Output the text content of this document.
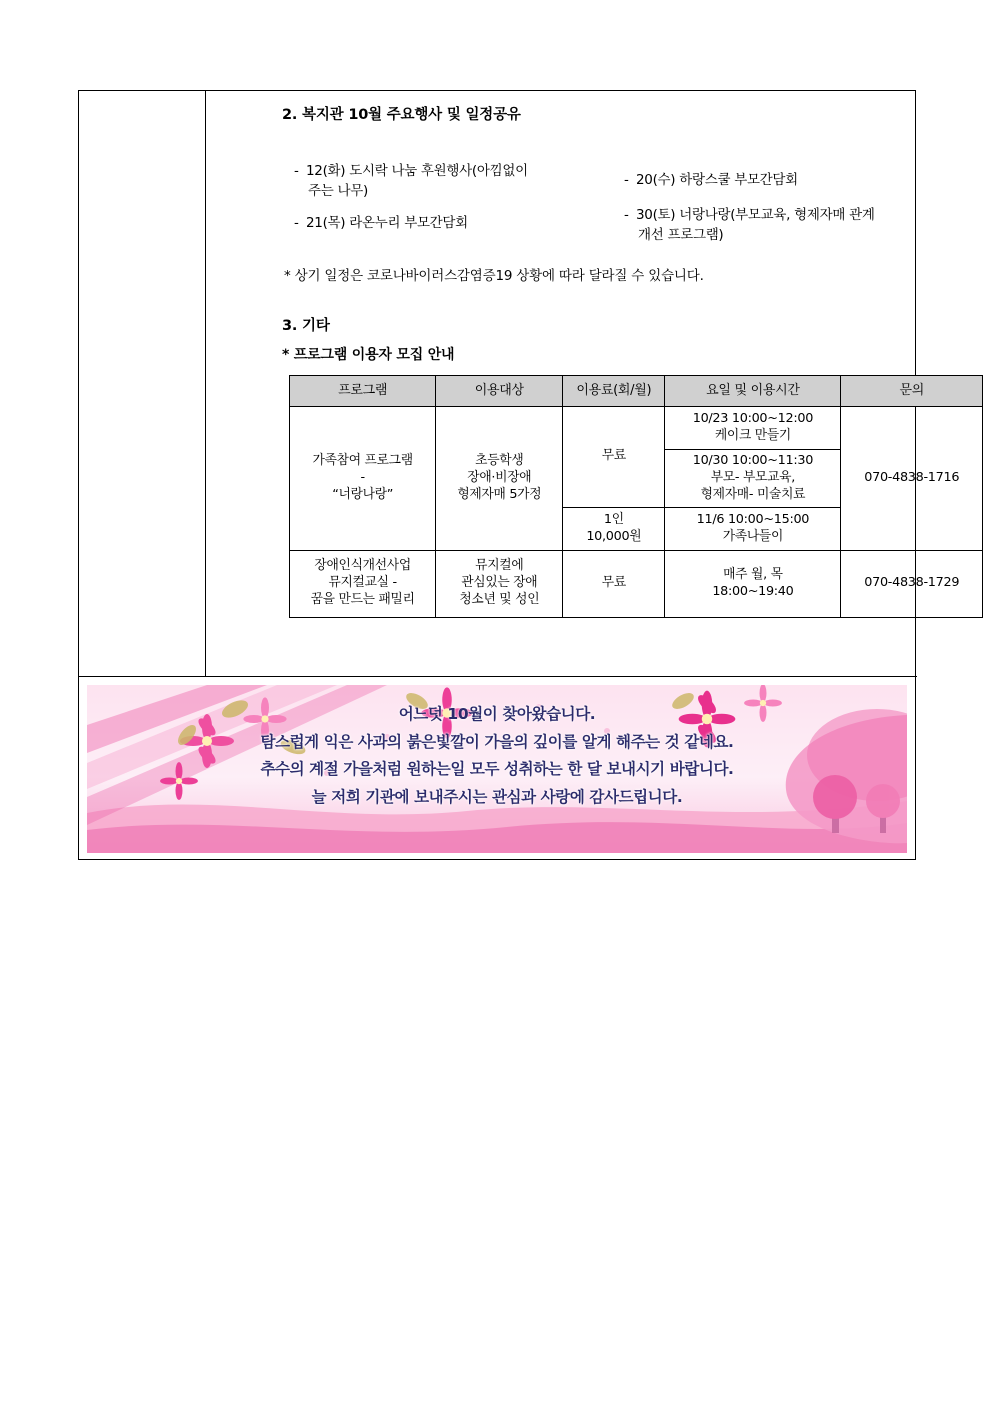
2. 복지관 10월 주요행사 및 일정공유
- 12(화) 도시락 나눔 후원행사(아낌없이
주는 나무)
- 21(목) 라온누리 부모간담회
- 20(수) 하랑스쿨 부모간담회
- 30(토) 너랑나랑(부모교육, 형제자매 관계
개선 프로그램)
* 상기 일정은 코로나바이러스감염증19 상황에 따라 달라질 수 있습니다.
3. 기타
* 프로그램 이용자 모집 안내
프로그램	이용대상	이용료(회/월)	요일 및 이용시간	문의
가족참여 프로그램
-
“너랑나랑”	초등학생
장애·비장애
형제자매 5가정	무료	10/23 10:00~12:00
케이크 만들기	070-4838-1716
			10/30 10:00~11:30
부모- 부모교육,
형제자매- 미술치료	
		1인
10,000원	11/6 10:00~15:00
가족나들이	
장애인식개선사업
뮤지컬교실 -
꿈을 만드는 패밀리	뮤지컬에
관심있는 장애
청소년 및 성인	무료	매주 월, 목
18:00~19:40	070-4838-1729
어느덧 10월이 찾아왔습니다.
탐스럽게 익은 사과의 붉은빛깔이 가을의 깊이를 알게 해주는 것 같네요.
추수의 계절 가을처럼 원하는일 모두 성취하는 한 달 보내시기 바랍니다.
늘 저희 기관에 보내주시는 관심과 사랑에 감사드립니다.
